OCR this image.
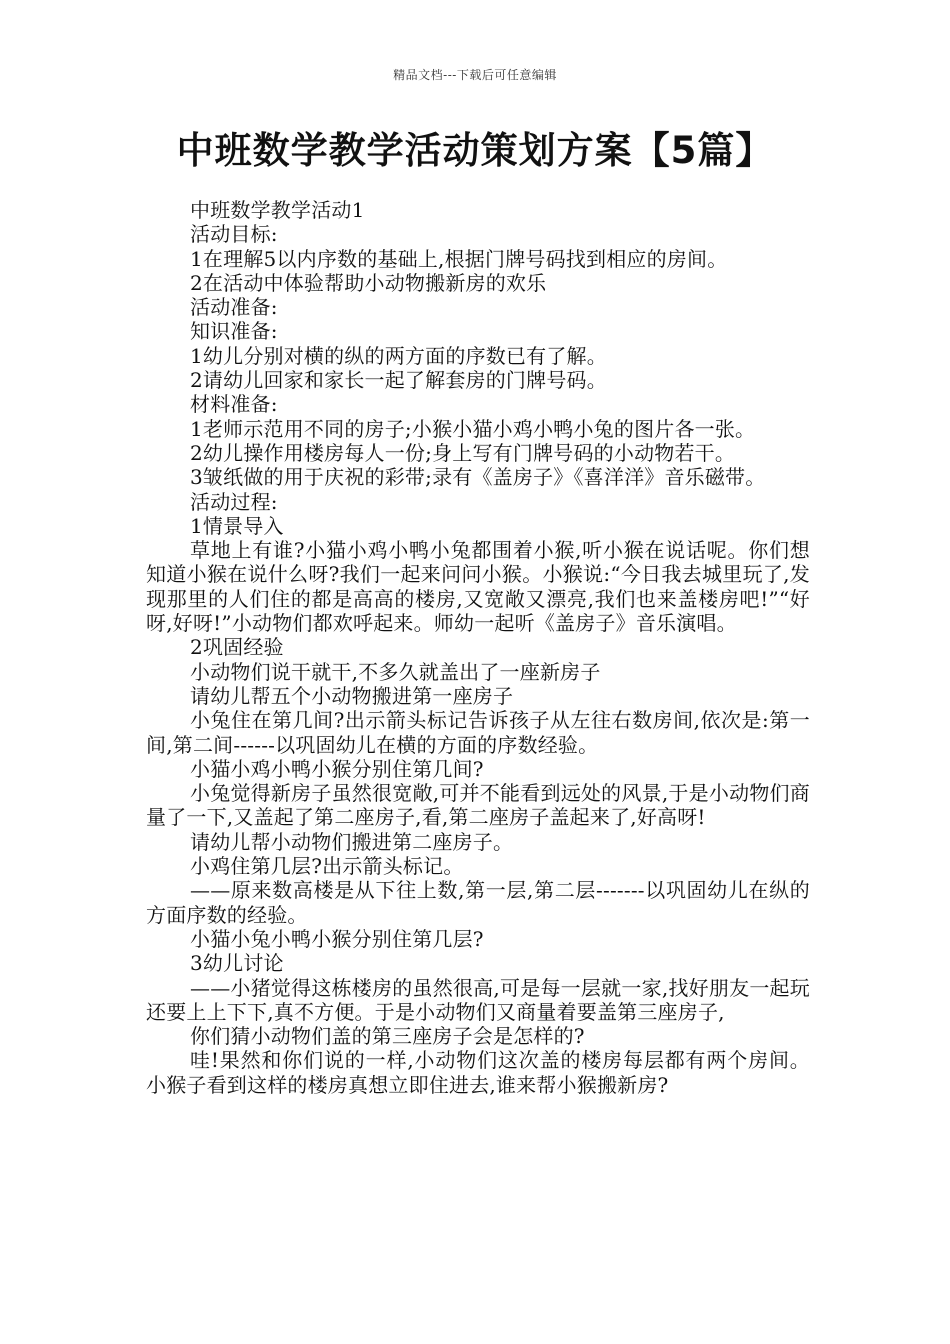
精品文档---下载后可任意编辑
中班数学教学活动策划方案【5篇】

中班数学教学活动1

活动目标:

1在理解5以内序数的基础上,根据门牌号码找到相应的房间。

2在活动中体验帮助小动物搬新房的欢乐

活动准备:

知识准备:

1幼儿分别对横的纵的两方面的序数已有了解。

2请幼儿回家和家长一起了解套房的门牌号码。

材料准备:

1老师示范用不同的房子;小猴小猫小鸡小鸭小兔的图片各一张。

2幼儿操作用楼房每人一份;身上写有门牌号码的小动物若干。

3皱纸做的用于庆祝的彩带;录有《盖房子》《喜洋洋》音乐磁带。

活动过程:

1情景导入

草地上有谁?小猫小鸡小鸭小兔都围着小猴,听小猴在说话呢。你们想知道小猴在说什么呀?我们一起来问问小猴。小猴说:“今日我去城里玩了,发现那里的人们住的都是高高的楼房,又宽敞又漂亮,我们也来盖楼房吧!”“好呀,好呀!”小动物们都欢呼起来。师幼一起听《盖房子》音乐演唱。

2巩固经验

小动物们说干就干,不多久就盖出了一座新房子

请幼儿帮五个小动物搬进第一座房子

小兔住在第几间?出示箭头标记告诉孩子从左往右数房间,依次是:第一间,第二间------以巩固幼儿在横的方面的序数经验。

小猫小鸡小鸭小猴分别住第几间?

小兔觉得新房子虽然很宽敞,可并不能看到远处的风景,于是小动物们商量了一下,又盖起了第二座房子,看,第二座房子盖起来了,好高呀!

请幼儿帮小动物们搬进第二座房子。

小鸡住第几层?出示箭头标记。

——原来数高楼是从下往上数,第一层,第二层-------以巩固幼儿在纵的方面序数的经验。

小猫小兔小鸭小猴分别住第几层?

3幼儿讨论

——小猪觉得这栋楼房的虽然很高,可是每一层就一家,找好朋友一起玩还要上上下下,真不方便。于是小动物们又商量着要盖第三座房子,

你们猜小动物们盖的第三座房子会是怎样的?

哇!果然和你们说的一样,小动物们这次盖的楼房每层都有两个房间。小猴子看到这样的楼房真想立即住进去,谁来帮小猴搬新房?
